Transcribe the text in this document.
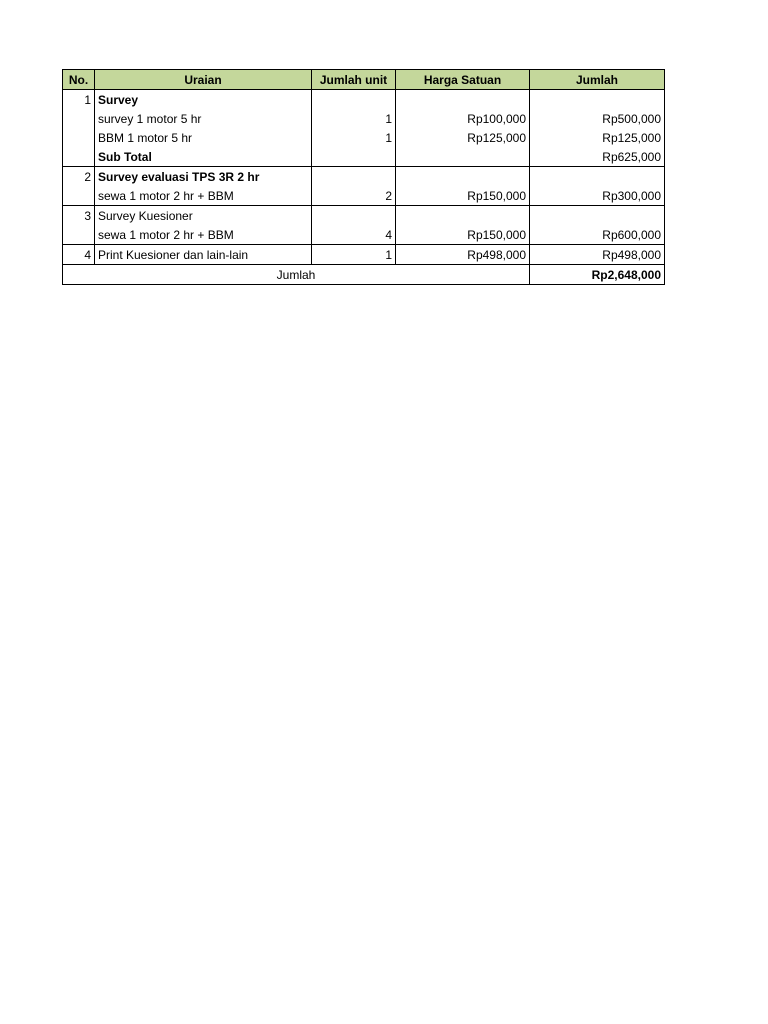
No.	Uraian	Jumlah unit	Harga Satuan	Jumlah
1	Survey			
	survey 1 motor 5 hr	1	Rp100,000	Rp500,000
	BBM 1 motor 5 hr	1	Rp125,000	Rp125,000
	Sub Total			Rp625,000
2	Survey evaluasi TPS 3R 2 hr			
	sewa 1 motor 2 hr + BBM	2	Rp150,000	Rp300,000
3	Survey Kuesioner			
	sewa 1 motor 2 hr + BBM	4	Rp150,000	Rp600,000
4	Print Kuesioner dan lain-lain	1	Rp498,000	Rp498,000
Jumlah				Rp2,648,000
